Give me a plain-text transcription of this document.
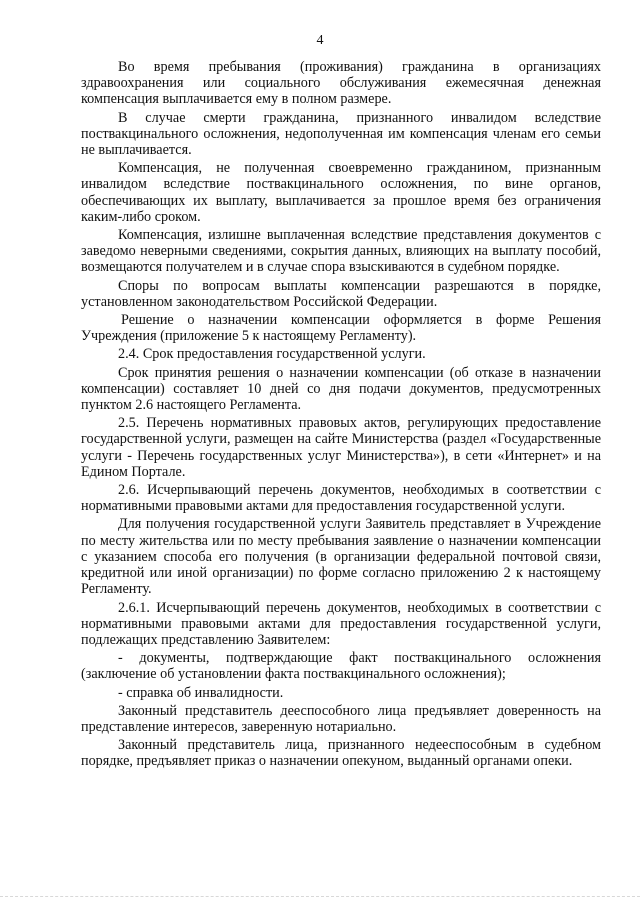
4

Во время пребывания (проживания) гражданина в организациях здравоохранения или социального обслуживания ежемесячная денежная компенсация выплачивается ему в полном размере.

В случае смерти гражданина, признанного инвалидом вследствие поствакцинального осложнения, недополученная им компенсация членам его семьи не выплачивается.

Компенсация, не полученная своевременно гражданином, признанным инвалидом вследствие поствакцинального осложнения, по вине органов, обеспечивающих их выплату, выплачивается за прошлое время без ограничения каким-либо сроком.

Компенсация, излишне выплаченная вследствие представления документов с заведомо неверными сведениями, сокрытия данных, влияющих на выплату пособий, возмещаются получателем и в случае спора взыскиваются в судебном порядке.

Споры по вопросам выплаты компенсации разрешаются в порядке, установленном законодательством Российской Федерации.

Решение о назначении компенсации оформляется в форме Решения Учреждения (приложение 5 к настоящему Регламенту).

2.4. Срок предоставления государственной услуги.

Срок принятия решения о назначении компенсации (об отказе в назначении компенсации) составляет 10 дней со дня подачи документов, предусмотренных пунктом 2.6 настоящего Регламента.

2.5. Перечень нормативных правовых актов, регулирующих предоставление государственной услуги, размещен на сайте Министерства (раздел «Государственные услуги - Перечень государственных услуг Министерства»), в сети «Интернет» и на Едином Портале.

2.6. Исчерпывающий перечень документов, необходимых в соответствии с нормативными правовыми актами для предоставления государственной услуги.

Для получения государственной услуги Заявитель представляет в Учреждение по месту жительства или по месту пребывания заявление о назначении компенсации с указанием способа его получения (в организации федеральной почтовой связи, кредитной или иной организации) по форме согласно приложению 2 к настоящему Регламенту.

2.6.1. Исчерпывающий перечень документов, необходимых в соответствии с нормативными правовыми актами для предоставления государственной услуги, подлежащих представлению Заявителем:

- документы, подтверждающие факт поствакцинального осложнения (заключение об установлении факта поствакцинального осложнения);

- справка об инвалидности.

Законный представитель дееспособного лица предъявляет доверенность на представление интересов, заверенную нотариально.

Законный представитель лица, признанного недееспособным в судебном порядке, предъявляет приказ о назначении опекуном, выданный органами опеки.
